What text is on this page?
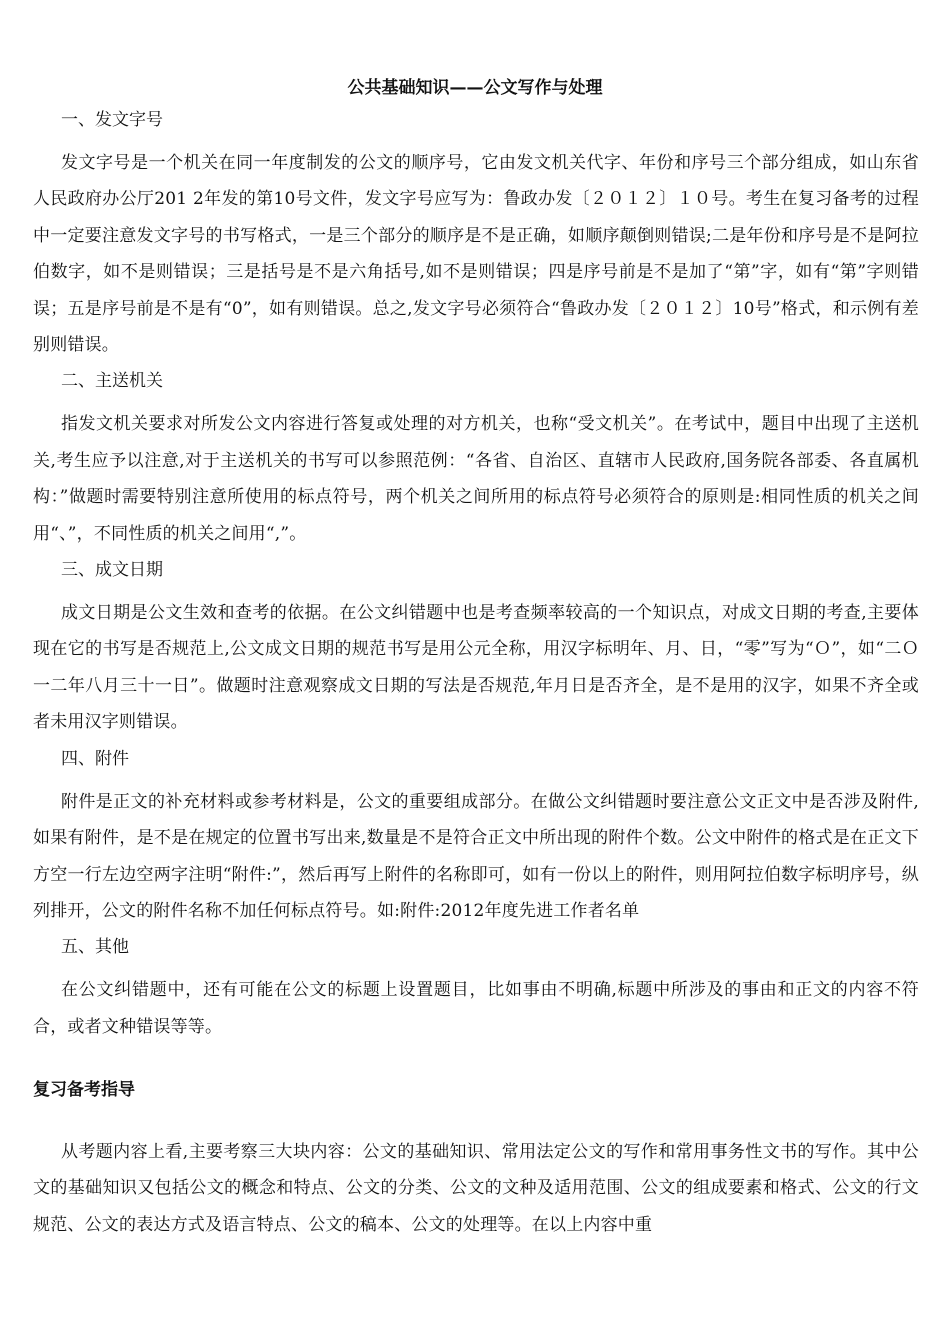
公共基础知识——公文写作与处理

一、发文字号

发文字号是一个机关在同一年度制发的公文的顺序号，它由发文机关代字、年份和序号三个部分组成，如山东省人民政府办公厅201 2年发的第10号文件，发文字号应写为：鲁政办发〔２０１２〕１０号。考生在复习备考的过程中一定要注意发文字号的书写格式，一是三个部分的顺序是不是正确，如顺序颠倒则错误;二是年份和序号是不是阿拉伯数字，如不是则错误；三是括号是不是六角括号,如不是则错误；四是序号前是不是加了“第”字，如有“第”字则错误；五是序号前是不是有“0”，如有则错误。总之,发文字号必须符合“鲁政办发〔２０１２〕10号”格式，和示例有差别则错误。

二、主送机关

指发文机关要求对所发公文内容进行答复或处理的对方机关，也称“受文机关”。在考试中，题目中出现了主送机关,考生应予以注意,对于主送机关的书写可以参照范例：“各省、自治区、直辖市人民政府,国务院各部委、各直属机构：”做题时需要特别注意所使用的标点符号，两个机关之间所用的标点符号必须符合的原则是:相同性质的机关之间用“、”，不同性质的机关之间用“,”。

三、成文日期

成文日期是公文生效和查考的依据。在公文纠错题中也是考查频率较高的一个知识点，对成文日期的考查,主要体现在它的书写是否规范上,公文成文日期的规范书写是用公元全称，用汉字标明年、月、日，“零”写为“Ｏ”，如“二Ｏ一二年八月三十一日”。做题时注意观察成文日期的写法是否规范,年月日是否齐全，是不是用的汉字，如果不齐全或者未用汉字则错误。

四、附件

附件是正文的补充材料或参考材料是，公文的重要组成部分。在做公文纠错题时要注意公文正文中是否涉及附件,如果有附件，是不是在规定的位置书写出来,数量是不是符合正文中所出现的附件个数。公文中附件的格式是在正文下方空一行左边空两字注明“附件:”，然后再写上附件的名称即可，如有一份以上的附件，则用阿拉伯数字标明序号，纵列排开，公文的附件名称不加任何标点符号。如:附件:2012年度先进工作者名单

五、其他

在公文纠错题中，还有可能在公文的标题上设置题目，比如事由不明确,标题中所涉及的事由和正文的内容不符合，或者文种错误等等。

复习备考指导

从考题内容上看,主要考察三大块内容：公文的基础知识、常用法定公文的写作和常用事务性文书的写作。其中公文的基础知识又包括公文的概念和特点、公文的分类、公文的文种及适用范围、公文的组成要素和格式、公文的行文规范、公文的表达方式及语言特点、公文的稿本、公文的处理等。在以上内容中重
